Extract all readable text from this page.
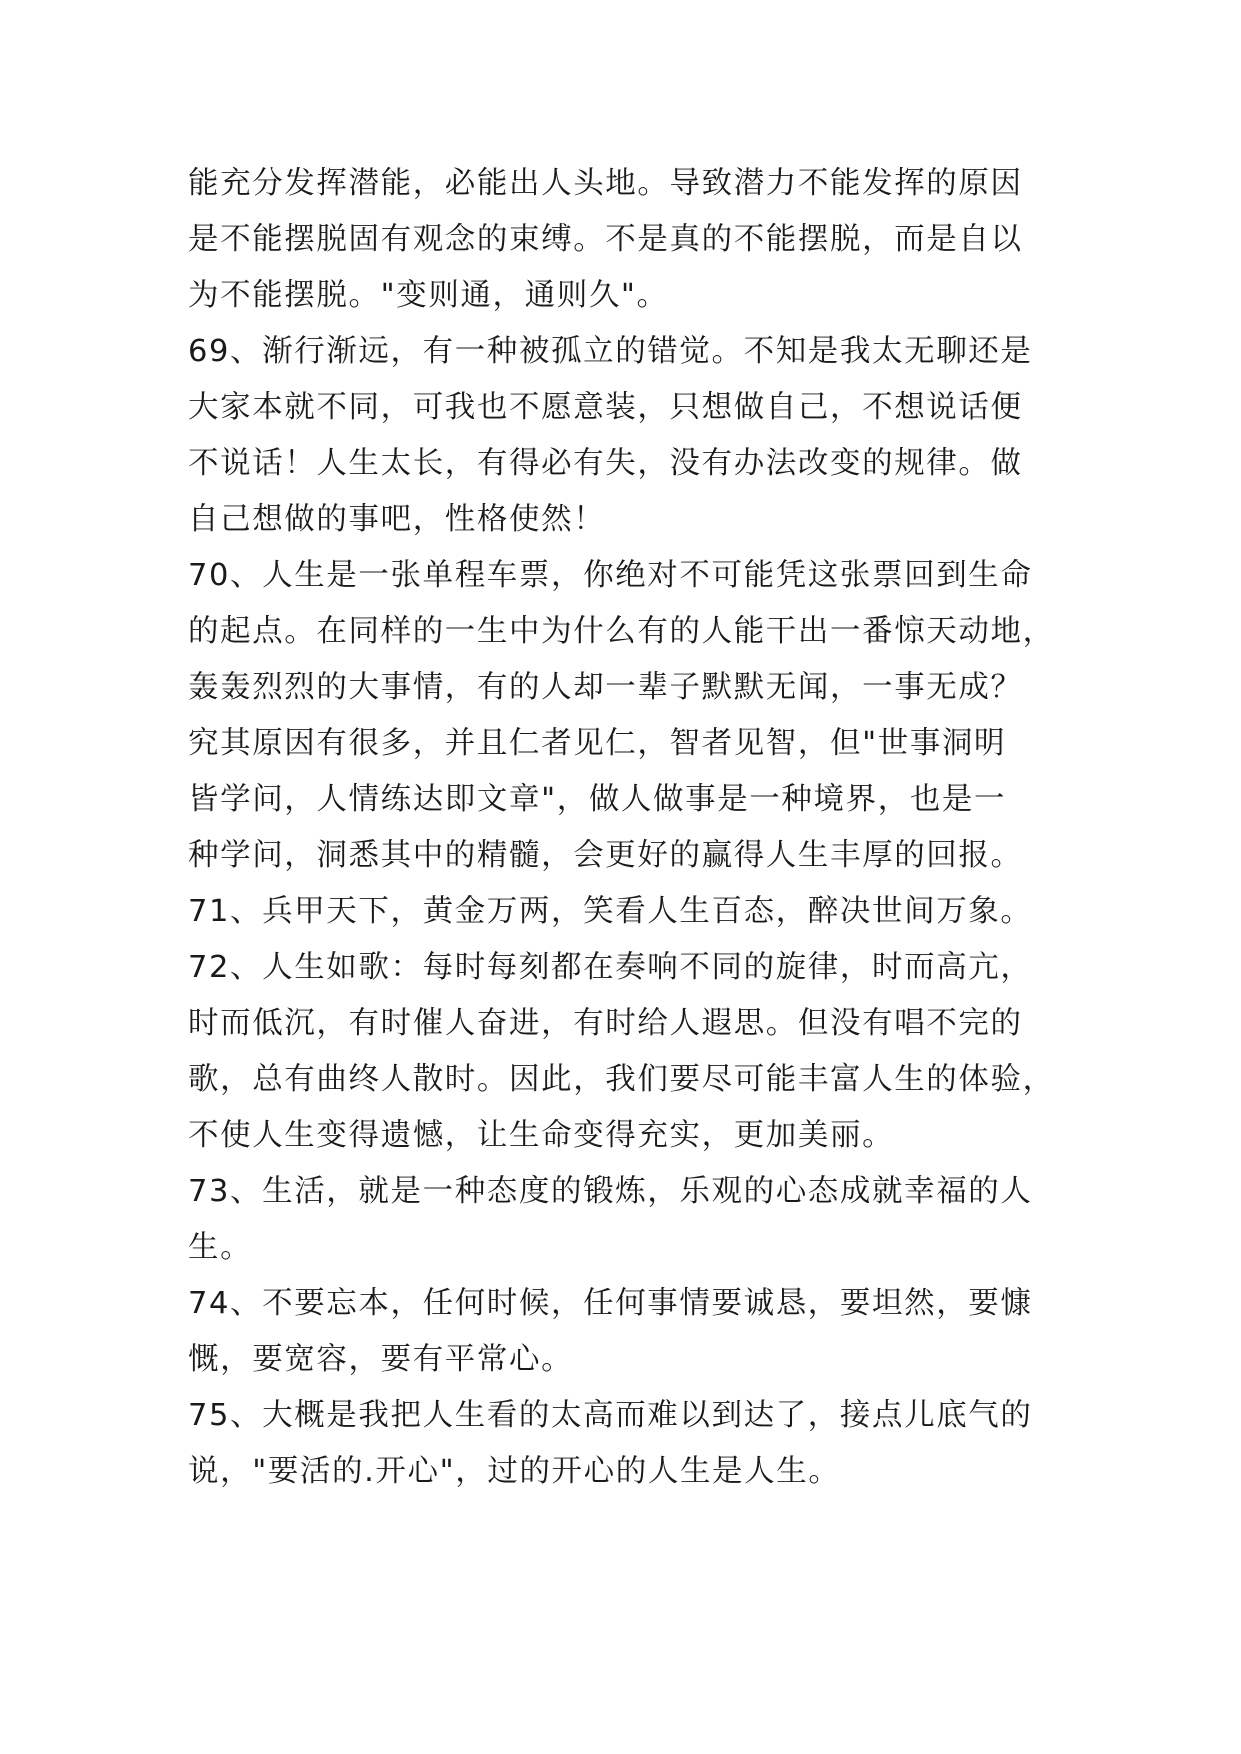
能充分发挥潜能，必能出人头地。导致潜力不能发挥的原因
是不能摆脱固有观念的束缚。不是真的不能摆脱，而是自以
为不能摆脱。"变则通，通则久"。
69、渐行渐远，有一种被孤立的错觉。不知是我太无聊还是
大家本就不同，可我也不愿意装，只想做自己，不想说话便
不说话！人生太长，有得必有失，没有办法改变的规律。做
自己想做的事吧，性格使然！
70、人生是一张单程车票，你绝对不可能凭这张票回到生命
的起点。在同样的一生中为什么有的人能干出一番惊天动地，
轰轰烈烈的大事情，有的人却一辈子默默无闻，一事无成？
究其原因有很多，并且仁者见仁，智者见智，但"世事洞明
皆学问，人情练达即文章"，做人做事是一种境界，也是一
种学问，洞悉其中的精髓，会更好的赢得人生丰厚的回报。
71、兵甲天下，黄金万两，笑看人生百态，醉决世间万象。
72、人生如歌：每时每刻都在奏响不同的旋律，时而高亢，
时而低沉，有时催人奋进，有时给人遐思。但没有唱不完的
歌，总有曲终人散时。因此，我们要尽可能丰富人生的体验，
不使人生变得遗憾，让生命变得充实，更加美丽。
73、生活，就是一种态度的锻炼，乐观的心态成就幸福的人
生。
74、不要忘本，任何时候，任何事情要诚恳，要坦然，要慷
慨，要宽容，要有平常心。
75、大概是我把人生看的太高而难以到达了，接点儿底气的
说，"要活的.开心"，过的开心的人生是人生。
